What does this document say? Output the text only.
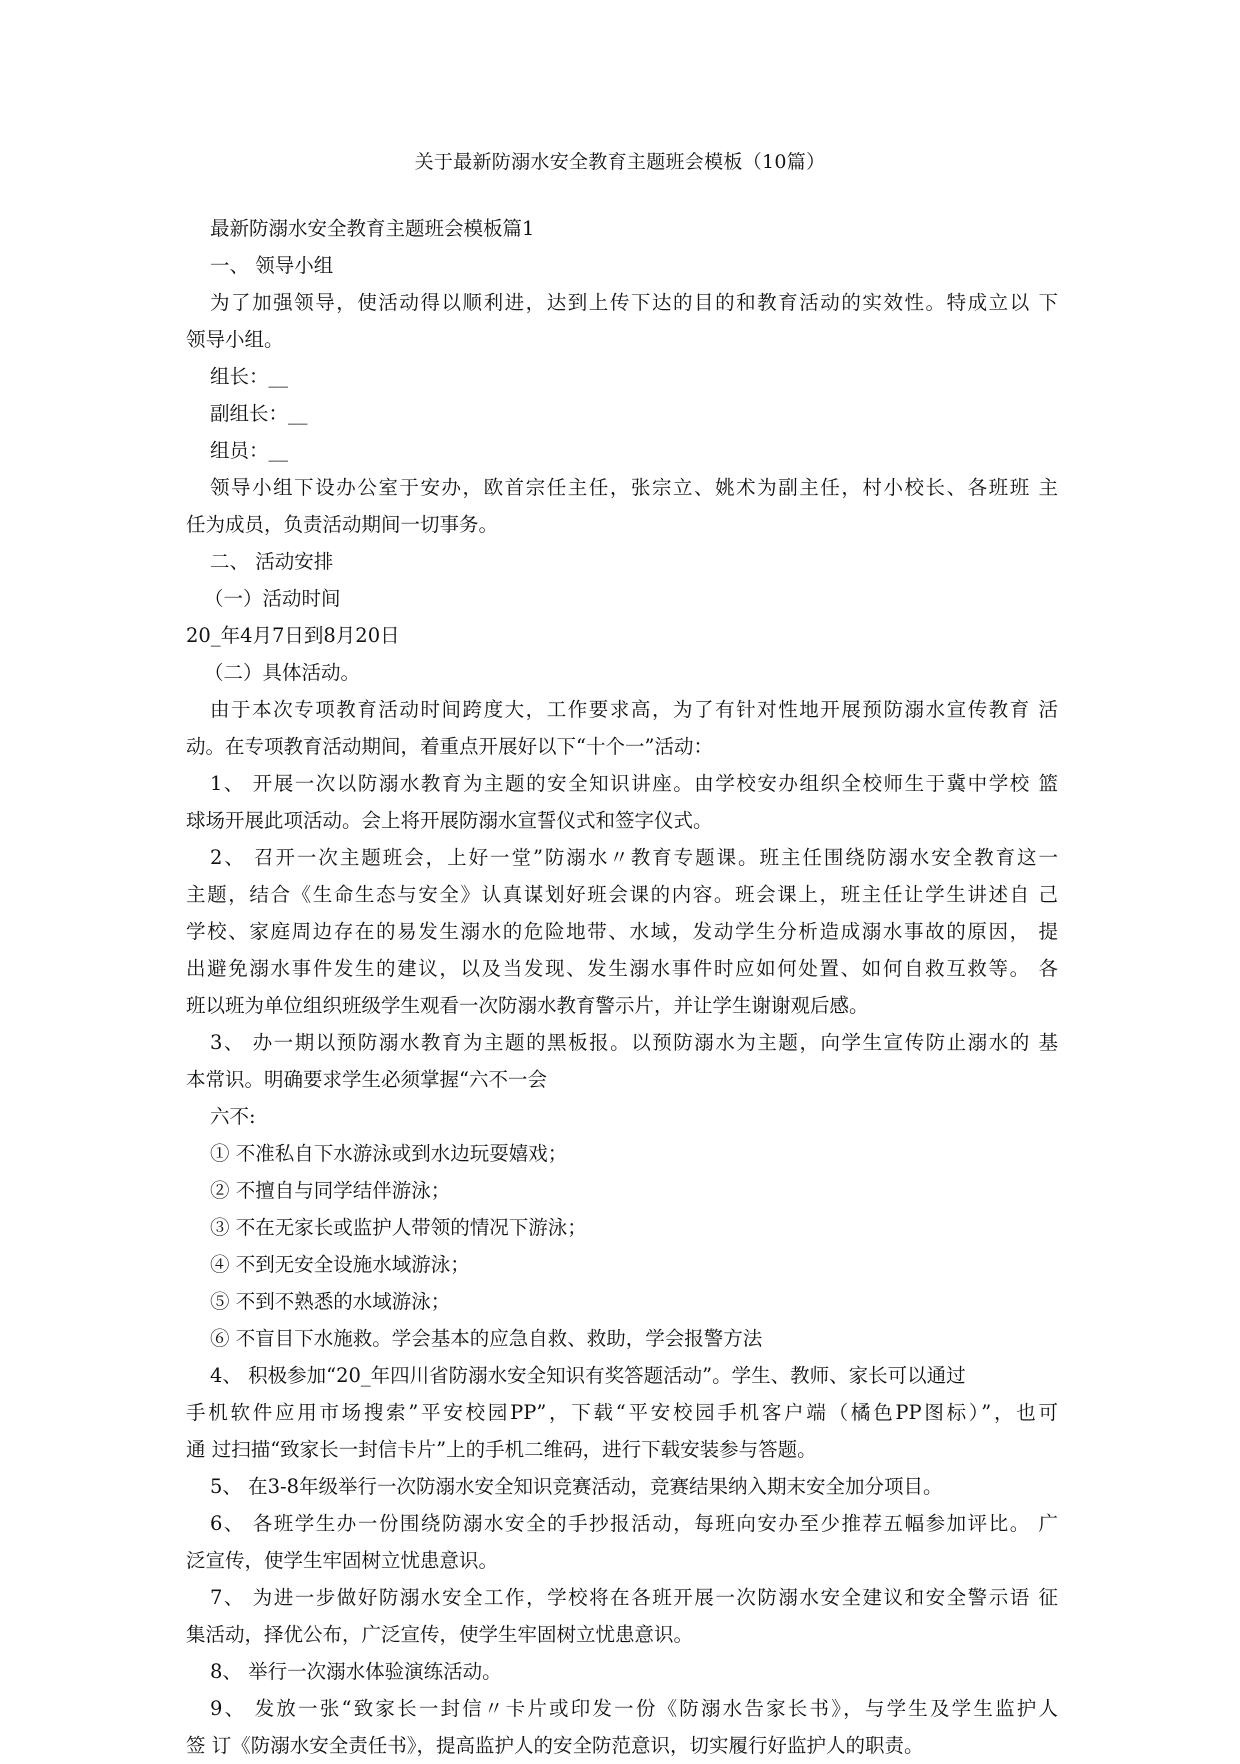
关于最新防溺水安全教育主题班会模板（10篇）
最新防溺水安全教育主题班会模板篇1
一、 领导小组
为了加强领导，使活动得以顺利进，达到上传下达的目的和教育活动的实效性。特成立以 下
领导小组。
组长：__
副组长：__
组员：__
领导小组下设办公室于安办，欧首宗任主任，张宗立、姚术为副主任，村小校长、各班班 主
任为成员，负责活动期间一切事务。
二、 活动安排
（一）活动时间
20_年4月7日到8月20日
（二）具体活动。
由于本次专项教育活动时间跨度大，工作要求高，为了有针对性地开展预防溺水宣传教育 活
动。在专项教育活动期间，着重点开展好以下“十个一”活动：
1、 开展一次以防溺水教育为主题的安全知识讲座。由学校安办组织全校师生于冀中学校 篮
球场开展此项活动。会上将开展防溺水宣誓仪式和签字仪式。
2、 召开一次主题班会，上好一堂”防溺水〃教育专题课。班主任围绕防溺水安全教育这一
主题，结合《生命生态与安全》认真谋划好班会课的内容。班会课上，班主任让学生讲述自 己
学校、家庭周边存在的易发生溺水的危险地带、水域，发动学生分析造成溺水事故的原因， 提
出避免溺水事件发生的建议，以及当发现、发生溺水事件时应如何处置、如何自救互救等。 各
班以班为单位组织班级学生观看一次防溺水教育警示片，并让学生谢谢观后感。
3、 办一期以预防溺水教育为主题的黑板报。以预防溺水为主题，向学生宣传防止溺水的 基
本常识。明确要求学生必须掌握“六不一会
六不:
① 不准私自下水游泳或到水边玩耍嬉戏；
② 不擅自与同学结伴游泳；
③ 不在无家长或监护人带领的情况下游泳；
④ 不到无安全设施水域游泳；
⑤ 不到不熟悉的水域游泳；
⑥ 不盲目下水施救。学会基本的应急自救、救助，学会报警方法
4、 积极参加“20_年四川省防溺水安全知识有奖答题活动”。学生、教师、家长可以通过
手机软件应用市场搜索”平安校园PP”，下载“平安校园手机客户端（橘色PP图标）”，也可
通 过扫描“致家长一封信卡片”上的手机二维码，进行下载安装参与答题。
5、 在3-8年级举行一次防溺水安全知识竞赛活动，竞赛结果纳入期末安全加分项目。
6、 各班学生办一份围绕防溺水安全的手抄报活动，每班向安办至少推荐五幅参加评比。 广
泛宣传，使学生牢固树立忧患意识。
7、 为进一步做好防溺水安全工作，学校将在各班开展一次防溺水安全建议和安全警示语 征
集活动，择优公布，广泛宣传，使学生牢固树立忧患意识。
8、 举行一次溺水体验演练活动。
9、 发放一张“致家长一封信〃卡片或印发一份《防溺水告家长书》，与学生及学生监护人
签 订《防溺水安全责任书》，提高监护人的安全防范意识，切实履行好监护人的职责。
